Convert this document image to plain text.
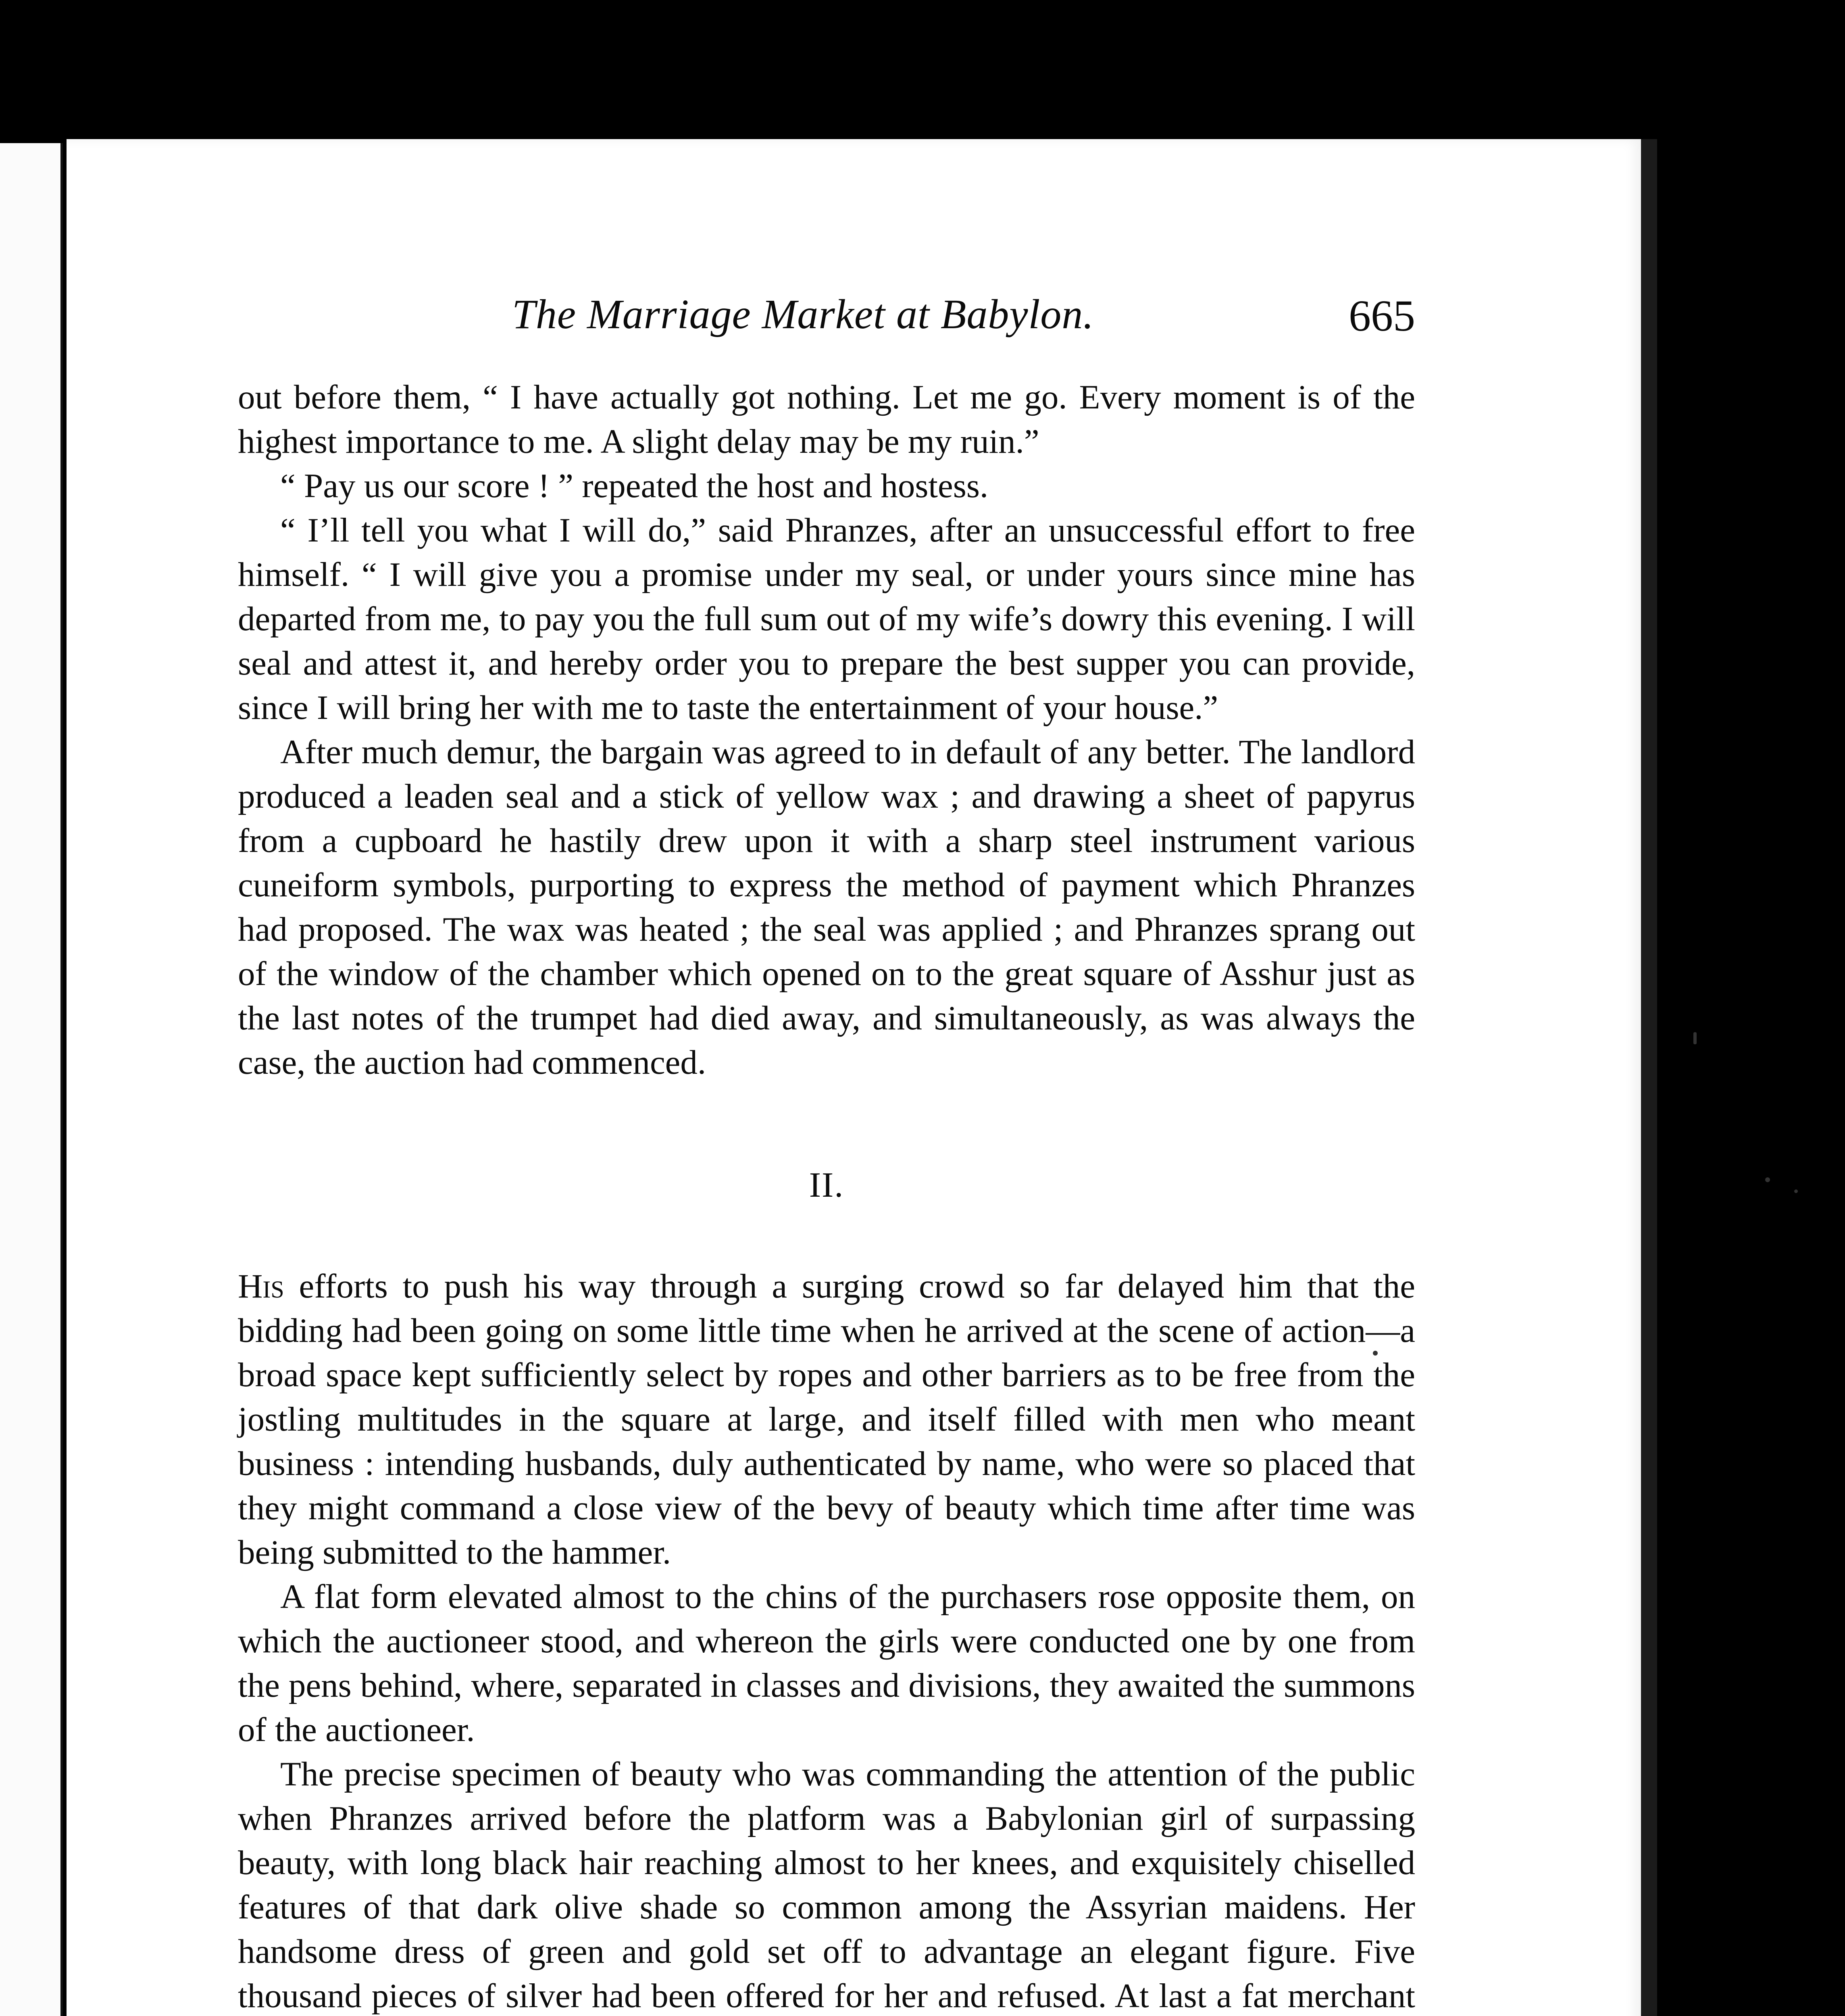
The Marriage Market at Babylon.	665

out before them, “ I have actually got nothing. Let me go. Every moment is of the highest importance to me. A slight delay may be my ruin.”

“ Pay us our score ! ” repeated the host and hostess.

“ I’ll tell you what I will do,” said Phranzes, after an unsuccessful effort to free himself. “ I will give you a promise under my seal, or under yours since mine has departed from me, to pay you the full sum out of my wife’s dowry this evening. I will seal and attest it, and hereby order you to prepare the best supper you can provide, since I will bring her with me to taste the entertainment of your house.”

After much demur, the bargain was agreed to in default of any better. The landlord produced a leaden seal and a stick of yellow wax ; and drawing a sheet of papyrus from a cupboard he hastily drew upon it with a sharp steel instrument various cuneiform symbols, purporting to express the method of payment which Phranzes had proposed. The wax was heated ; the seal was applied ; and Phranzes sprang out of the window of the chamber which opened on to the great square of Asshur just as the last notes of the trumpet had died away, and simultaneously, as was always the case, the auction had commenced.

II.

His efforts to push his way through a surging crowd so far delayed him that the bidding had been going on some little time when he arrived at the scene of action—a broad space kept sufficiently select by ropes and other barriers as to be free from the jostling multitudes in the square at large, and itself filled with men who meant business : intending husbands, duly authenticated by name, who were so placed that they might command a close view of the bevy of beauty which time after time was being submitted to the hammer.

A flat form elevated almost to the chins of the purchasers rose opposite them, on which the auctioneer stood, and whereon the girls were conducted one by one from the pens behind, where, separated in classes and divisions, they awaited the summons of the auctioneer.

The precise specimen of beauty who was commanding the attention of the public when Phranzes arrived before the platform was a Babylonian girl of surpassing beauty, with long black hair reaching almost to her knees, and exquisitely chiselled features of that dark olive shade so common among the Assyrian maidens. Her handsome dress of green and gold set off to advantage an elegant figure. Five thousand pieces of silver had been offered for her and refused. At last a fat merchant
